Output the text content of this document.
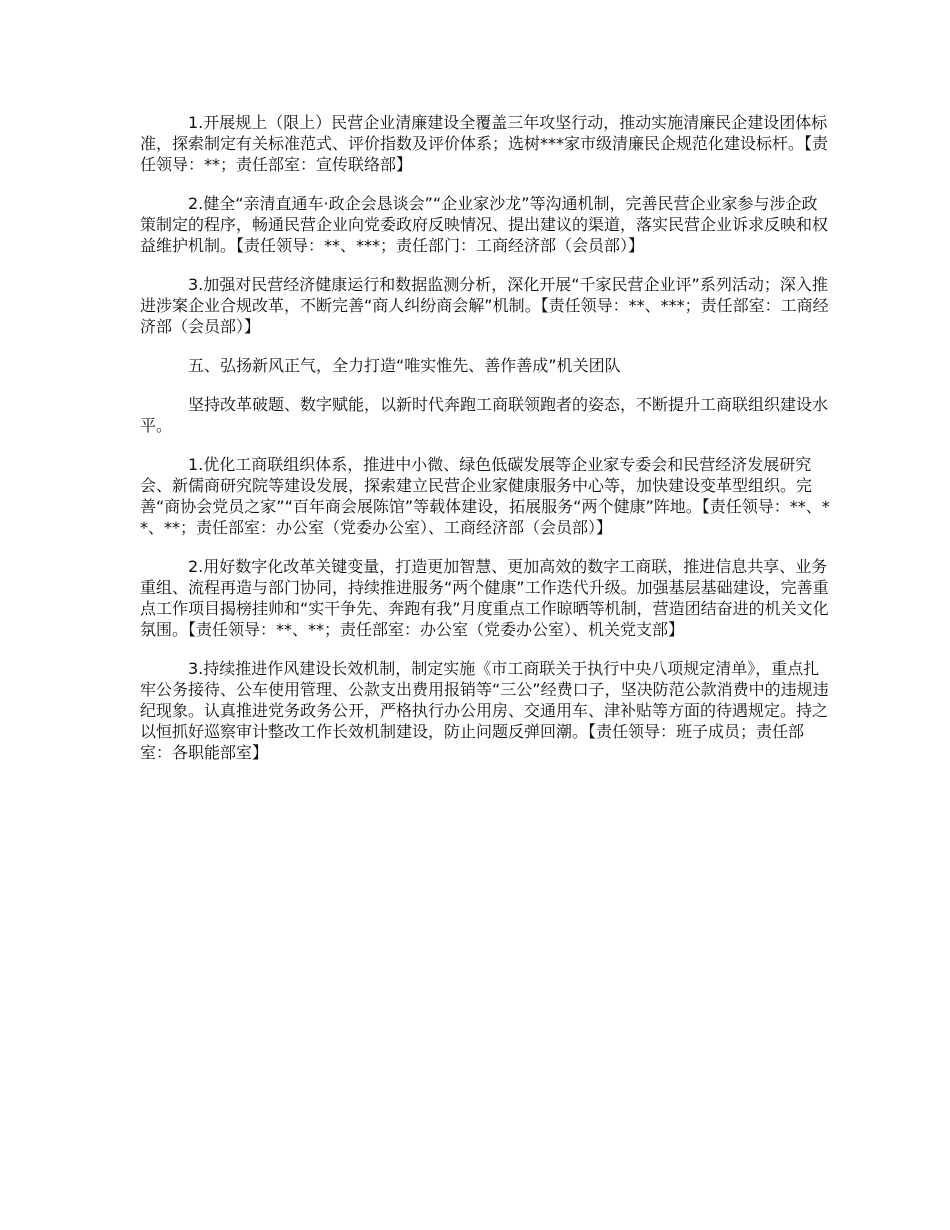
1.开展规上（限上）民营企业清廉建设全覆盖三年攻坚行动，推动实施清廉民企建设团体标准，探索制定有关标准范式、评价指数及评价体系；选树***家市级清廉民企规范化建设标杆。【责任领导：**；责任部室：宣传联络部】

2.健全“亲清直通车·政企会恳谈会”“企业家沙龙”等沟通机制，完善民营企业家参与涉企政策制定的程序，畅通民营企业向党委政府反映情况、提出建议的渠道，落实民营企业诉求反映和权益维护机制。【责任领导：**、***；责任部门：工商经济部（会员部）】

3.加强对民营经济健康运行和数据监测分析，深化开展“千家民营企业评”系列活动；深入推进涉案企业合规改革，不断完善“商人纠纷商会解”机制。【责任领导：**、***；责任部室：工商经济部（会员部）】

五、弘扬新风正气，全力打造“唯实惟先、善作善成”机关团队

坚持改革破题、数字赋能，以新时代奔跑工商联领跑者的姿态，不断提升工商联组织建设水平。

1.优化工商联组织体系，推进中小微、绿色低碳发展等企业家专委会和民营经济发展研究会、新儒商研究院等建设发展，探索建立民营企业家健康服务中心等，加快建设变革型组织。完善“商协会党员之家”“百年商会展陈馆”等载体建设，拓展服务“两个健康”阵地。【责任领导：**、**、**；责任部室：办公室（党委办公室）、工商经济部（会员部）】

2.用好数字化改革关键变量，打造更加智慧、更加高效的数字工商联，推进信息共享、业务重组、流程再造与部门协同，持续推进服务“两个健康”工作迭代升级。加强基层基础建设，完善重点工作项目揭榜挂帅和“实干争先、奔跑有我”月度重点工作晾晒等机制，营造团结奋进的机关文化氛围。【责任领导：**、**；责任部室：办公室（党委办公室）、机关党支部】

3.持续推进作风建设长效机制，制定实施《市工商联关于执行中央八项规定清单》，重点扎牢公务接待、公车使用管理、公款支出费用报销等“三公”经费口子，坚决防范公款消费中的违规违纪现象。认真推进党务政务公开，严格执行办公用房、交通用车、津补贴等方面的待遇规定。持之以恒抓好巡察审计整改工作长效机制建设，防止问题反弹回潮。【责任领导：班子成员；责任部室：各职能部室】
